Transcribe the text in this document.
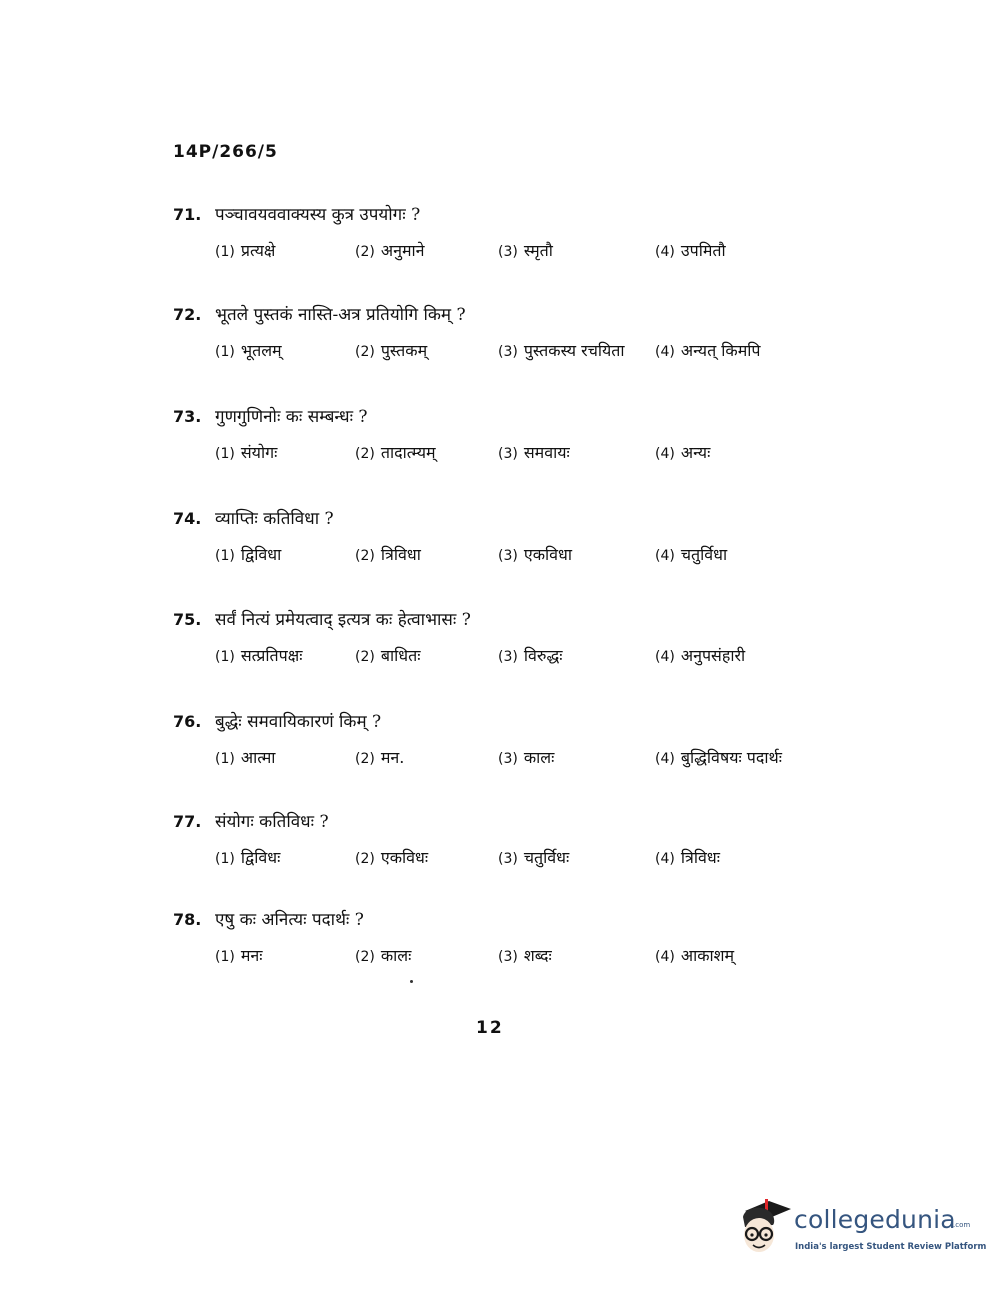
14P/266/5
71. पञ्चावयववाक्यस्य कुत्र उपयोगः ?
(1) प्रत्यक्षे	(2) अनुमाने	(3) स्मृतौ	(4) उपमितौ
72. भूतले पुस्तकं नास्ति-अत्र प्रतियोगि किम् ?
(1) भूतलम्	(2) पुस्तकम्	(3) पुस्तकस्य रचयिता (4) अन्यत् किमपि
73. गुणगुणिनोः कः सम्बन्धः ?
(1) संयोगः	(2) तादात्म्यम्	(3) समवायः	(4) अन्यः
74. व्याप्तिः कतिविधा ?
(1) द्विविधा	(2) त्रिविधा	(3) एकविधा	(4) चतुर्विधा
75. सर्वं नित्यं प्रमेयत्वाद् इत्यत्र कः हेत्वाभासः ?
(1) सत्प्रतिपक्षः	(2) बाधितः	(3) विरुद्धः	(4) अनुपसंहारी
76. बुद्धेः समवायिकारणं किम् ?
(1) आत्मा	(2) मन.	(3) कालः	(4) बुद्धिविषयः पदार्थः
77. संयोगः कतिविधः ?
(1) द्विविधः	(2) एकविधः	(3) चतुर्विधः	(4) त्रिविधः
78. एषु कः अनित्यः पदार्थः ?
(1) मनः	(2) कालः	(3) शब्दः	(4) आकाशम्
12
collegedunia
.com
India's largest Student Review Platform
